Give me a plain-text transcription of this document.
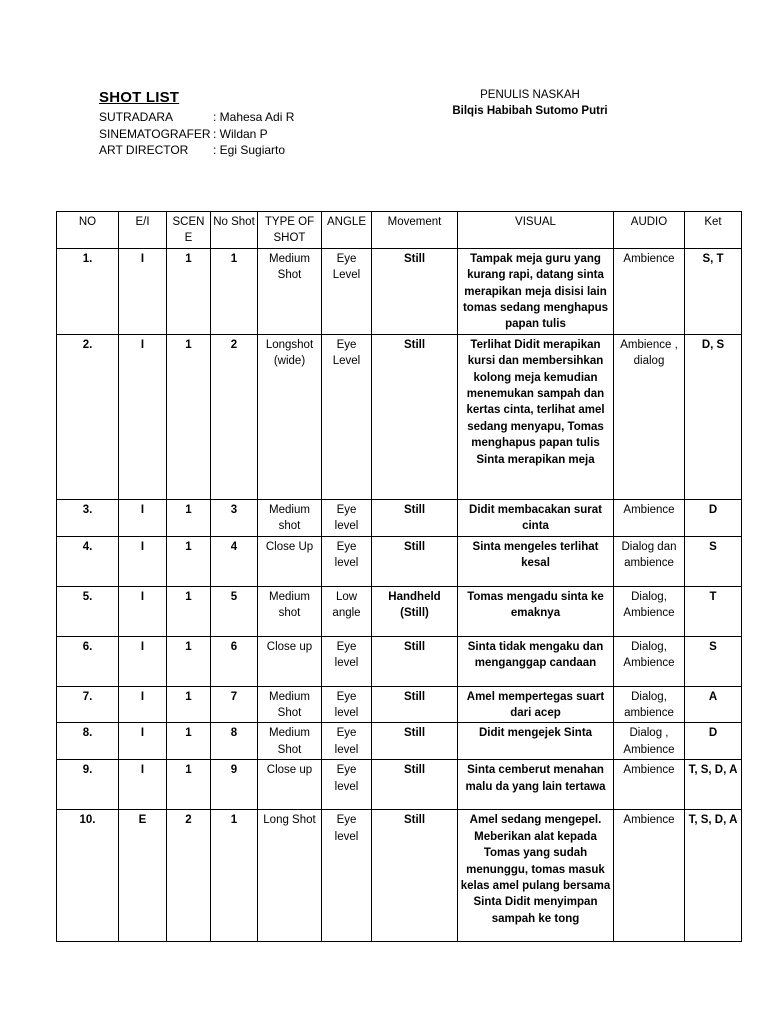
SHOT LIST
SUTRADARA	: Mahesa Adi R
SINEMATOGRAFER : Wildan P
ART DIRECTOR	: Egi Sugiarto
PENULIS NASKAH
Bilqis Habibah Sutomo Putri
NO	E/I	SCEN E	No Shot	TYPE OF SHOT	ANGLE	Movement	VISUAL	AUDIO	Ket
1.	I	1	1	Medium Shot	Eye Level	Still	Tampak meja guru yang kurang rapi, datang sinta merapikan meja disisi lain tomas sedang menghapus papan tulis	Ambience	S, T
2.	I	1	2	Longshot (wide)	Eye Level	Still	Terlihat Didit merapikan kursi dan membersihkan kolong meja kemudian menemukan sampah dan kertas cinta, terlihat amel sedang menyapu, Tomas menghapus papan tulis Sinta merapikan meja	Ambience , dialog	D, S
3.	I	1	3	Medium shot	Eye level	Still	Didit membacakan surat cinta	Ambience	D
4.	I	1	4	Close Up	Eye level	Still	Sinta mengeles terlihat kesal	Dialog dan ambience	S
5.	I	1	5	Medium shot	Low angle	Handheld (Still)	Tomas mengadu sinta ke emaknya	Dialog, Ambience	T
6.	I	1	6	Close up	Eye level	Still	Sinta tidak mengaku dan menganggap candaan	Dialog, Ambience	S
7.	I	1	7	Medium Shot	Eye level	Still	Amel mempertegas suart dari acep	Dialog, ambience	A
8.	I	1	8	Medium Shot	Eye level	Still	Didit mengejek Sinta	Dialog , Ambience	D
9.	I	1	9	Close up	Eye level	Still	Sinta cemberut menahan malu da yang lain tertawa	Ambience	T, S, D, A
10.	E	2	1	Long Shot	Eye level	Still	Amel sedang mengepel. Meberikan alat kepada Tomas yang sudah menunggu, tomas masuk kelas amel pulang bersama Sinta Didit menyimpan sampah ke tong	Ambience	T, S, D, A
